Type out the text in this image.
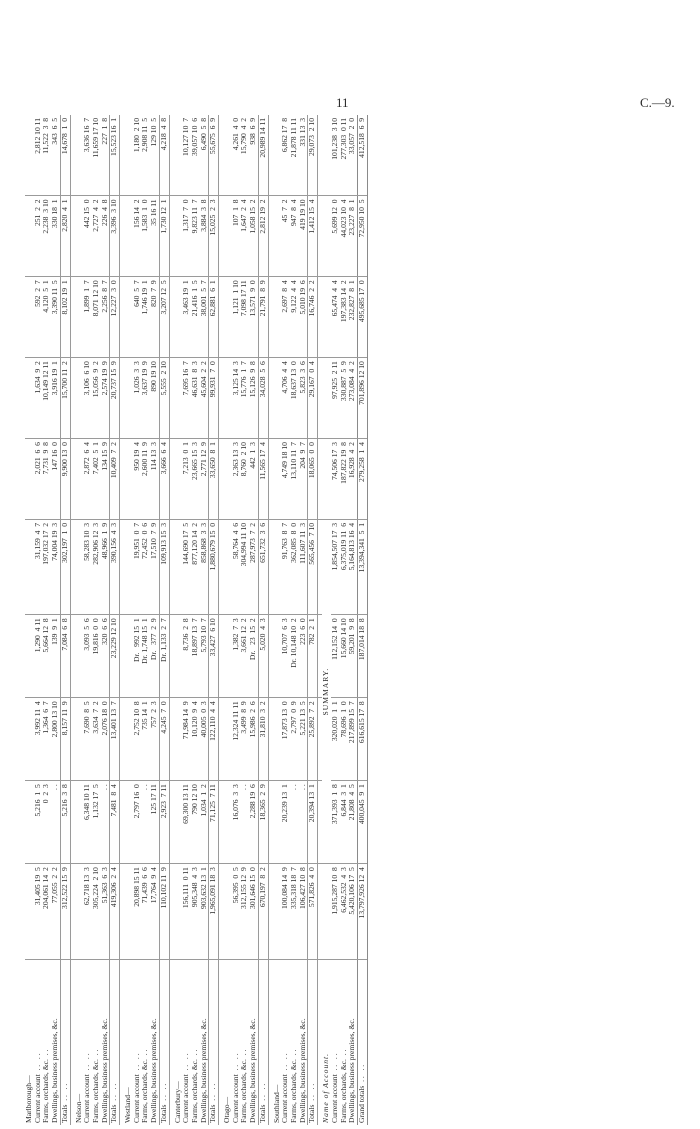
11	C.—9.
Marlborough—										
Current account  . .   . .	31,405 19  5	5,216  1  5	3,992 11  4	1,290  4 11	31,159  4  7	2,021  6  6	1,634  9  2	592  2  7	251  2  2	2,812 10 11
Farms, orchards, &c.  . .	204,061 14  2	0  2  3	1,364  6  7	5,664 12  8	197,032 17  2	7,731  9  8	10,149 12 11	4,120  5  1	2,238  3 10	11,522  3  8
Dwellings, business premises, &c.	77,055  2  2	. .	2,800 13 10	139  9  1	74,004 19  3	147 16  0	3,916 19  1	3,390 11  5	330 18  1	343  6  5
Totals  . .   . .	312,522 15  9	5,216  3  8	8,157 11  9	7,084  6  8	302,197  1  0	9,900 13  0	15,700 11  2	8,102 19  1	2,820  4  1	14,678  1  0

Nelson—										
Current account  . .   . .	62,718 13  3	6,348 10 11	7,690  8  5	3,093  5  6	58,283 10  3	2,872  6  4	3,106  6 10	1,899  1  7	442 15  0	3,636 16  7
Farms, orchards, &c.  . .	305,224  2 10	1,132 17  5	3,634  7  2	19,816  0  0	282,906 12  3	7,402  5  1	15,056  9  2	8,071 12 10	2,727  4  2	11,659 17 10
Dwellings, business premises, &c.	51,363  6  3	. .	2,076 18  0	320  6  6	48,966  1  9	134 15  9	2,574 19  9	2,256  8  7	226  4  8	227  1  8
Totals  . .   . .	419,306  2  4	7,481  8  4	13,401 13  7	23,229 12 10	390,156  4  3	10,409  7  2	20,737 15  9	12,227  3  0	3,396  3 10	15,523 16  1

Westland—										
Current account  . .   . .	20,898 15 11	2,797 16  0	2,752 10  8	Dr.   992 15  1	19,951  0  7	950 19  4	1,026  3  3	640  5  7	156 14  2	1,180  2 10
Farms, orchards, &c.  . .	71,439  6  6	. .	735 14  1	Dr. 1,748 15  1	72,452  0  6	2,600 11  9	3,637 19  9	1,746 19  1	1,583  1  0	2,908 11  5
Dwellings, business premises, &c.	17,764  9  4	125 17 11	757  2  3	Dr.   377  2  9	17,510  7  9	114 13  3	890 19 10	820  7  9	35 16 11	129 10  5
Totals  . .   . .	110,102 11  9	2,923  7 11	4,245  7  0	Dr. 1,133  2  7	109,913 15  3	3,666  6  4	5,555  2 10	3,207 12  5	1,730 12  1	4,218  4  8

Canterbury—										
Current account  . .   . .	156,111  0 11	69,300 13 11	71,984 14  9	8,736  2  8	144,690 17  5	7,213  0  1	7,695 16  7	3,463 19  1	1,317  7  0	10,127 10  7
Farms, orchards, &c.  . .	905,348  4  3	790 12 10	10,120  9  4	18,897 13  7	877,120 14  2	23,665 15  3	46,631  8  3	21,416  1  5	9,823 11  7	39,057 10  6
Dwellings, business premises, &c.	903,632 13  1	1,034  1  2	40,005  0  3	5,793 10  7	858,868  3  3	2,771 12  9	45,604  2  2	38,001  5  7	3,884  3  8	6,490  5  8
Totals  . .   . .	1,965,091 18  3	71,125  7 11	122,110  4  4	33,427  6 10	1,880,679 15  0	33,650  8  1	99,931  7  0	62,881  6  1	15,025  2  3	55,675  6  9

Otago—										
Current account  . .   . .	56,395  0  5	16,076  3  3	12,324 11 11	1,382  7  3	58,764  4  6	2,363 13  3	3,125 14  3	1,121  1 10	107  1  8	4,261  4  0
Farms, orchards, &c.  . .	312,155 12  9	. .	3,499  8  9	3,661 12  2	304,994 11 10	8,760  2 10	15,776  1  7	7,098 17 11	1,647  2  4	15,790  4  2
Dwellings, business premises, &c.	301,646 15  0	2,288 19  6	15,986  2  6	Dr.   23  15  2	287,973  7  2	442  1  3	15,126  9  8	13,571  9  0	1,058 15  2	938  6  9
Totals  . .   . .	670,197  8  2	18,365  2  9	31,810  3  2	5,020  4  3	651,732  3  6	11,565 17  4	34,028  5  6	21,791  8  9	2,812 19  2	20,989 14 11

Southland—										
Current account  . .   . .	100,084 14  9	20,239 13  1	17,873 13  0	10,707  6  3	91,763  8  7	4,749 18 10	4,706  4  4	2,697  8  4	45  7  2	6,862 17  8
Farms, orchards, &c.  . .	335,318 18  7	. .	2,797  0  9	Dr. 10,148 10  2	362,085  8  0	13,110 11  7	18,637 13  0	9,122  4  4	947  8  4	21,878 11 11
Dwellings, business premises, &c.	106,427 10  8	. .	5,221 13  5	223  6  0	111,607 11  3	204  9  7	5,823  3  6	5,010 19  6	419 19 10	331 13  3
Totals  . .   . .	571,826  4  0	20,394 13  1	25,892  7  2	782  2  1	565,456  7 10	18,065  0  0	29,167  0  4	16,746  2  2	1,412 15  4	29,073  2 10

Name of Account.		SUMMARY.								
Current account  . .   . .	1,915,287 10  8	371,393  1  8	320,020  1  1	112,152 14  0	1,854,507 17  3	74,506 17  3	97,925  2 11	65,474  4  4	5,699 12  0	101,238  3 10
Farms, orchards, &c.  . .	6,462,532  4  3	6,844  3  1	78,696  1  0	15,660 14 10	6,375,019 11  6	187,822 19  8	330,887  5  9	197,383 14  2	44,023 10  4	277,303  0 11
Dwellings, business premises, &c.	5,420,106 17  5	21,808  4  5	217,899 15  7	59,201  9  8	5,164,813 16  4	16,928  4  2	273,084  4  2	232,827  8  1	23,227  8  1	33,057  2  0
Grand totals  . .   . .	13,797,926 12  4	400,045  9  1	616,615 17  8	187,014 18  8	13,394,341  5  1	279,258  1  4	701,896 12 10	495,685 17  0	72,950 10  5	412,518  6  9
